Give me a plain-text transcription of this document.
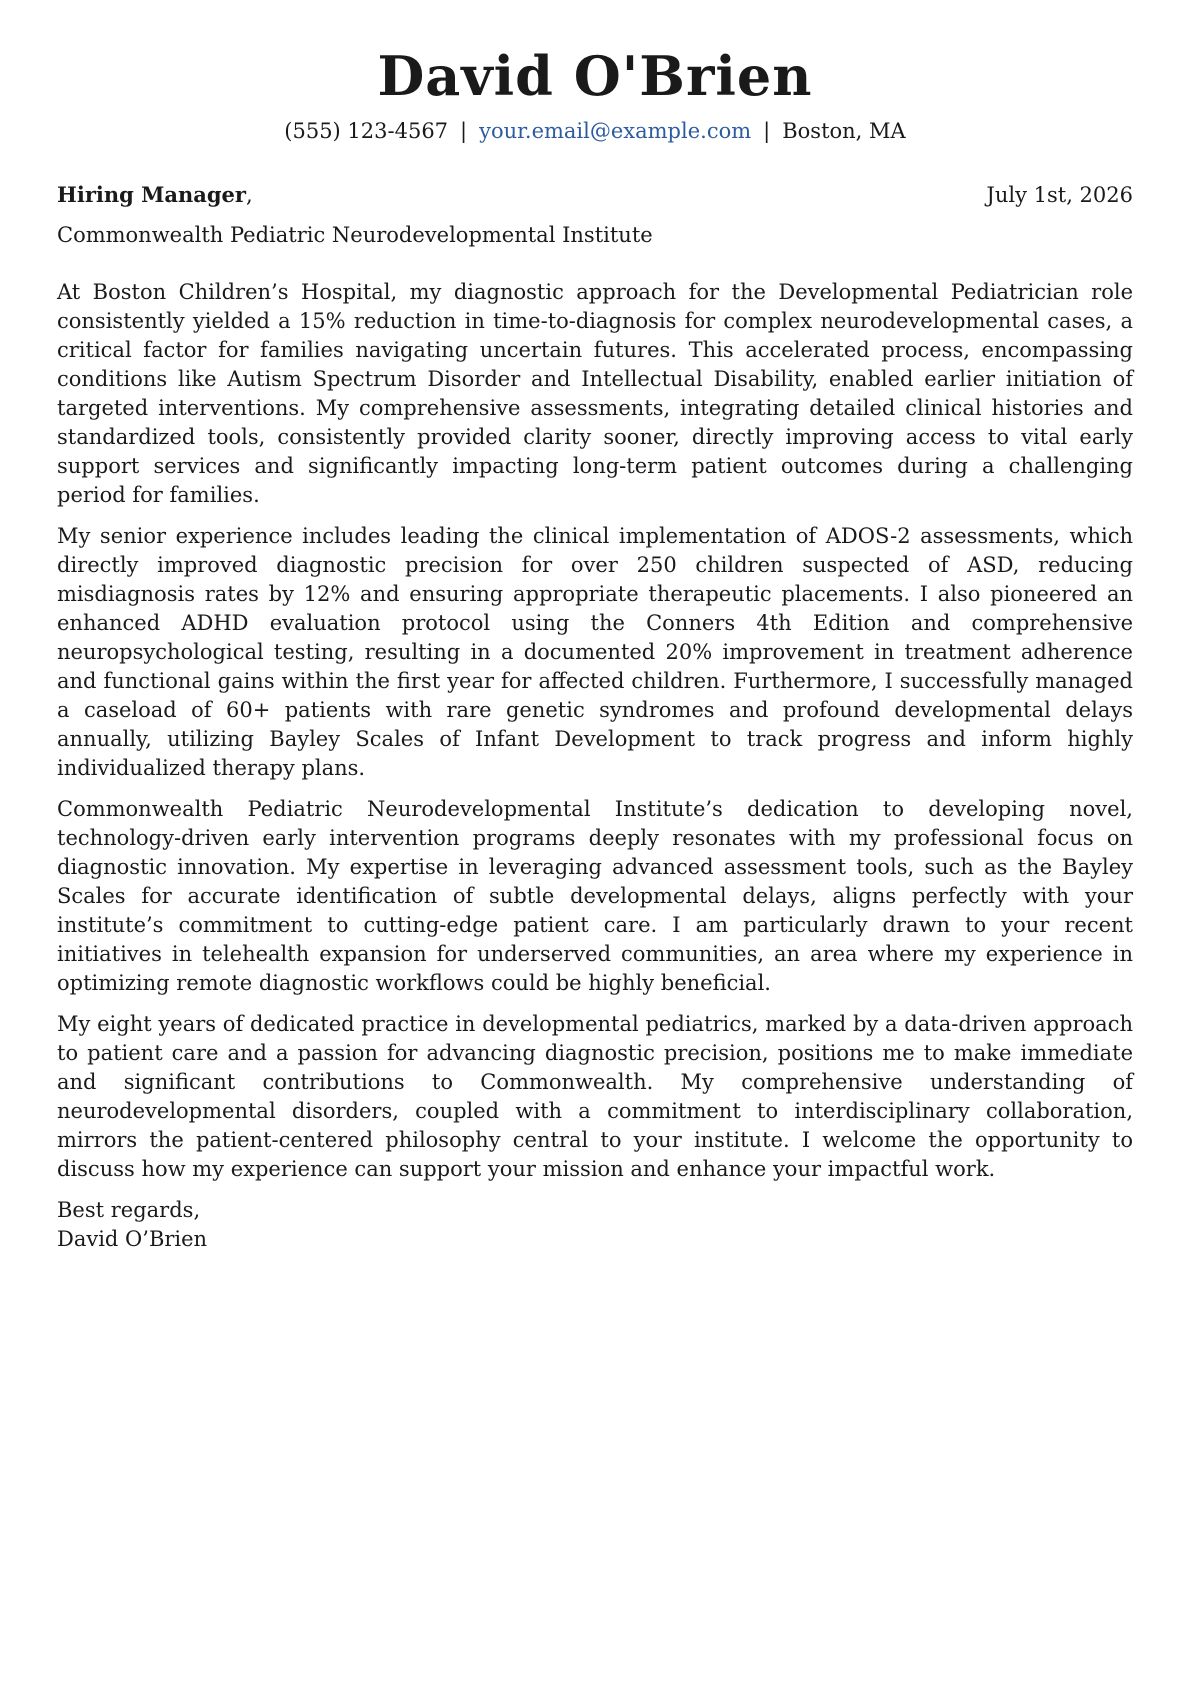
David O'Brien
(555) 123-4567 | your.email@example.com | Boston, MA
Hiring Manager,	July 1st, 2026
Commonwealth Pediatric Neurodevelopmental Institute

At Boston Children’s Hospital, my diagnostic approach for the Developmental Pediatrician role consistently yielded a 15% reduction in time-to-diagnosis for complex neurodevelopmental cases, a critical factor for families navigating uncertain futures. This accelerated process, encompassing conditions like Autism Spectrum Disorder and Intellectual Disability, enabled earlier initiation of targeted interventions. My comprehensive assessments, integrating detailed clinical histories and standardized tools, consistently provided clarity sooner, directly improving access to vital early support services and significantly impacting long-term patient outcomes during a challenging period for families.

My senior experience includes leading the clinical implementation of ADOS-2 assessments, which directly improved diagnostic precision for over 250 children suspected of ASD, reducing misdiagnosis rates by 12% and ensuring appropriate therapeutic placements. I also pioneered an enhanced ADHD evaluation protocol using the Conners 4th Edition and comprehensive neuropsychological testing, resulting in a documented 20% improvement in treatment adherence and functional gains within the first year for affected children. Furthermore, I successfully managed a caseload of 60+ patients with rare genetic syndromes and profound developmental delays annually, utilizing Bayley Scales of Infant Development to track progress and inform highly individualized therapy plans.

Commonwealth Pediatric Neurodevelopmental Institute’s dedication to developing novel, technology-driven early intervention programs deeply resonates with my professional focus on diagnostic innovation. My expertise in leveraging advanced assessment tools, such as the Bayley Scales for accurate identification of subtle developmental delays, aligns perfectly with your institute’s commitment to cutting-edge patient care. I am particularly drawn to your recent initiatives in telehealth expansion for underserved communities, an area where my experience in optimizing remote diagnostic workflows could be highly beneficial.

My eight years of dedicated practice in developmental pediatrics, marked by a data-driven approach to patient care and a passion for advancing diagnostic precision, positions me to make immediate and significant contributions to Commonwealth. My comprehensive understanding of neurodevelopmental disorders, coupled with a commitment to interdisciplinary collaboration, mirrors the patient-centered philosophy central to your institute. I welcome the opportunity to discuss how my experience can support your mission and enhance your impactful work.

Best regards,
David O’Brien
